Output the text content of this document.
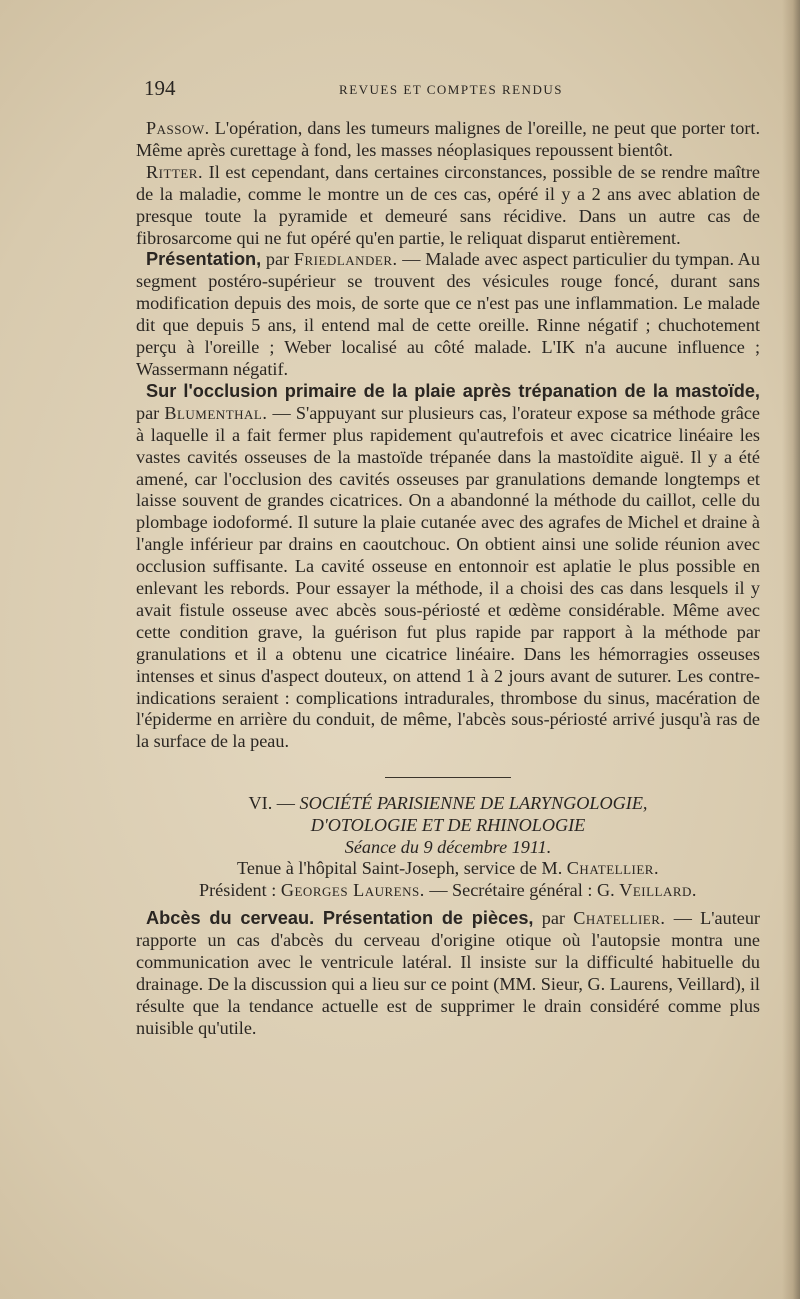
194	REVUES ET COMPTES RENDUS

Passow. L'opération, dans les tumeurs malignes de l'oreille, ne peut que porter tort. Même après curettage à fond, les masses néoplasiques repoussent bientôt.

Ritter. Il est cependant, dans certaines circonstances, possible de se rendre maître de la maladie, comme le montre un de ces cas, opéré il y a 2 ans avec ablation de presque toute la pyramide et demeuré sans récidive. Dans un autre cas de fibrosarcome qui ne fut opéré qu'en partie, le reliquat disparut entièrement.

Présentation, par Friedlander. — Malade avec aspect particulier du tympan. Au segment postéro-supérieur se trouvent des vésicules rouge foncé, durant sans modification depuis des mois, de sorte que ce n'est pas une inflammation. Le malade dit que depuis 5 ans, il entend mal de cette oreille. Rinne négatif ; chuchotement perçu à l'oreille ; Weber localisé au côté malade. L'IK n'a aucune influence ; Wassermann négatif.

Sur l'occlusion primaire de la plaie après trépanation de la mastoïde, par Blumenthal. — S'appuyant sur plusieurs cas, l'orateur expose sa méthode grâce à laquelle il a fait fermer plus rapidement qu'autrefois et avec cicatrice linéaire les vastes cavités osseuses de la mastoïde trépanée dans la mastoïdite aiguë. Il y a été amené, car l'occlusion des cavités osseuses par granulations demande longtemps et laisse souvent de grandes cicatrices. On a abandonné la méthode du caillot, celle du plombage iodoformé. Il suture la plaie cutanée avec des agrafes de Michel et draine à l'angle inférieur par drains en caoutchouc. On obtient ainsi une solide réunion avec occlusion suffisante. La cavité osseuse en entonnoir est aplatie le plus possible en enlevant les rebords. Pour essayer la méthode, il a choisi des cas dans lesquels il y avait fistule osseuse avec abcès sous-périosté et œdème considérable. Même avec cette condition grave, la guérison fut plus rapide par rapport à la méthode par granulations et il a obtenu une cicatrice linéaire. Dans les hémorragies osseuses intenses et sinus d'aspect douteux, on attend 1 à 2 jours avant de suturer. Les contre-indications seraient : complications intradurales, thrombose du sinus, macération de l'épiderme en arrière du conduit, de même, l'abcès sous-périosté arrivé jusqu'à ras de la surface de la peau.

VI. — SOCIÉTÉ PARISIENNE DE LARYNGOLOGIE,
D'OTOLOGIE ET DE RHINOLOGIE
Séance du 9 décembre 1911.

Tenue à l'hôpital Saint-Joseph, service de M. Chatellier.

Président : Georges Laurens. — Secrétaire général : G. Veillard.

Abcès du cerveau. Présentation de pièces, par Chatellier. — L'auteur rapporte un cas d'abcès du cerveau d'origine otique où l'autopsie montra une communication avec le ventricule latéral. Il insiste sur la difficulté habituelle du drainage. De la discussion qui a lieu sur ce point (MM. Sieur, G. Laurens, Veillard), il résulte que la tendance actuelle est de supprimer le drain considéré comme plus nuisible qu'utile.
